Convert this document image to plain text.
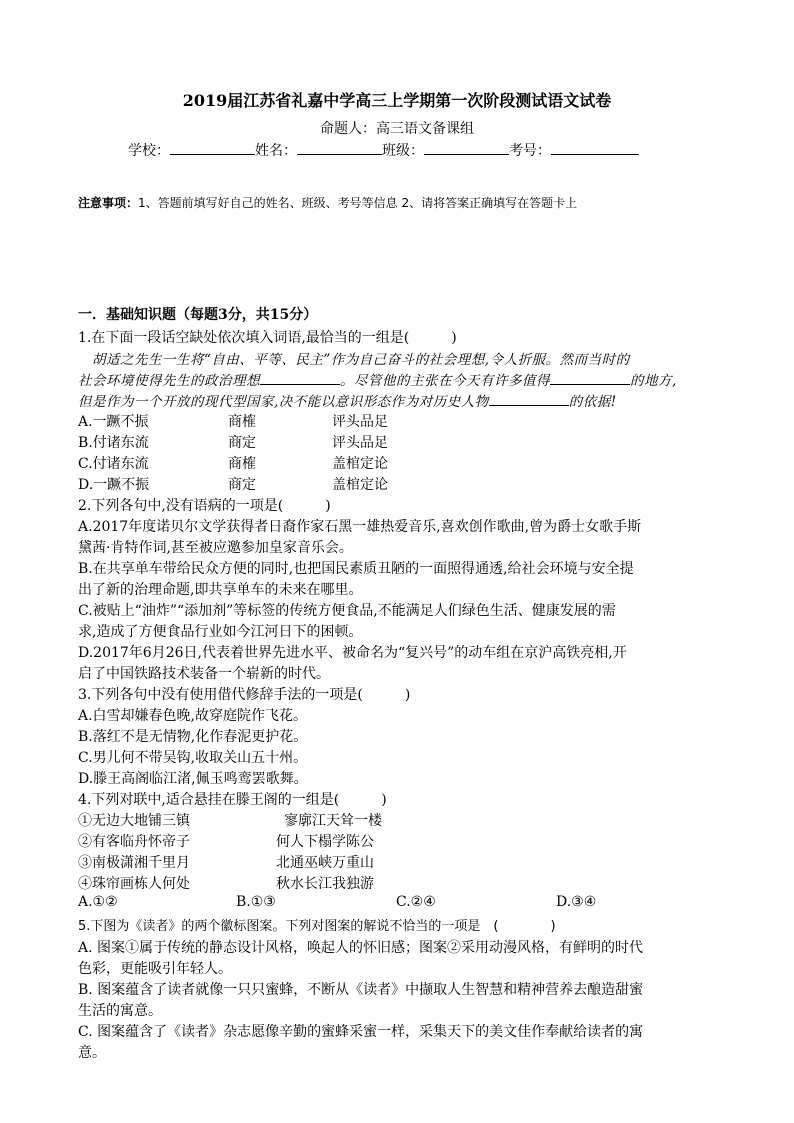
2019届江苏省礼嘉中学高三上学期第一次阶段测试语文试卷
命题人：高三语文备课组
学校：	姓名：	班级：	考号：
注意事项：1、答题前填写好自己的姓名、班级、考号等信息 2、请将答案正确填写在答题卡上
一．基础知识题（每题3分，共15分）
1.在下面一段话空缺处依次填入词语,最恰当的一组是(　　　)
　胡适之先生一生将“自由、平等、民主”作为自己奋斗的社会理想,令人折服。然而当时的
社会环境使得先生的政治理想	。尽管他的主张在今天有许多值得	的地方,
但是作为一个开放的现代型国家,决不能以意识形态作为对历史人物	的依据!
A.一蹶不振	商榷	评头品足
B.付诸东流	商定	评头品足
C.付诸东流	商榷	盖棺定论
D.一蹶不振	商定	盖棺定论
2.下列各句中,没有语病的一项是(　　　)
A.2017年度诺贝尔文学获得者日裔作家石黑一雄热爱音乐,喜欢创作歌曲,曾为爵士女歌手斯
黛茜·肯特作词,甚至被应邀参加皇家音乐会。
B.在共享单车带给民众方便的同时,也把国民素质丑陋的一面照得通透,给社会环境与安全提
出了新的治理命题,即共享单车的未来在哪里。
C.被贴上“油炸”“添加剂”等标签的传统方便食品,不能满足人们绿色生活、健康发展的需
求,造成了方便食品行业如今江河日下的困顿。
D.2017年6月26日,代表着世界先进水平、被命名为“复兴号”的动车组在京沪高铁亮相,开
启了中国铁路技术装备一个崭新的时代。
3.下列各句中没有使用借代修辞手法的一项是(　　　)
A.白雪却嫌春色晚,故穿庭院作飞花。
B.落红不是无情物,化作春泥更护花。
C.男儿何不带吴钩,收取关山五十州。
D.滕王高阁临江渚,佩玉鸣鸾罢歌舞。
4.下列对联中,适合悬挂在滕王阁的一组是(　　　)
①无边大地铺三镇	寥廓江天耸一楼
②有客临舟怀帝子	何人下榻学陈公
③南极潇湘千里月	北通巫峡万重山
④珠帘画栋人何处	秋水长江我独游
A.①②	B.①③	C.②④	D.③④
5.下图为《读者》的两个徽标图案。下列对图案的解说不恰当的一项是　(　　　　)
A. 图案①属于传统的静态设计风格，唤起人的怀旧感；图案②采用动漫风格，有鲜明的时代
色彩，更能吸引年轻人。
B. 图案蕴含了读者就像一只只蜜蜂，不断从《读者》中撷取人生智慧和精神营养去酿造甜蜜
生活的寓意。
C. 图案蕴含了《读者》杂志愿像辛勤的蜜蜂采蜜一样，采集天下的美文佳作奉献给读者的寓
意。
